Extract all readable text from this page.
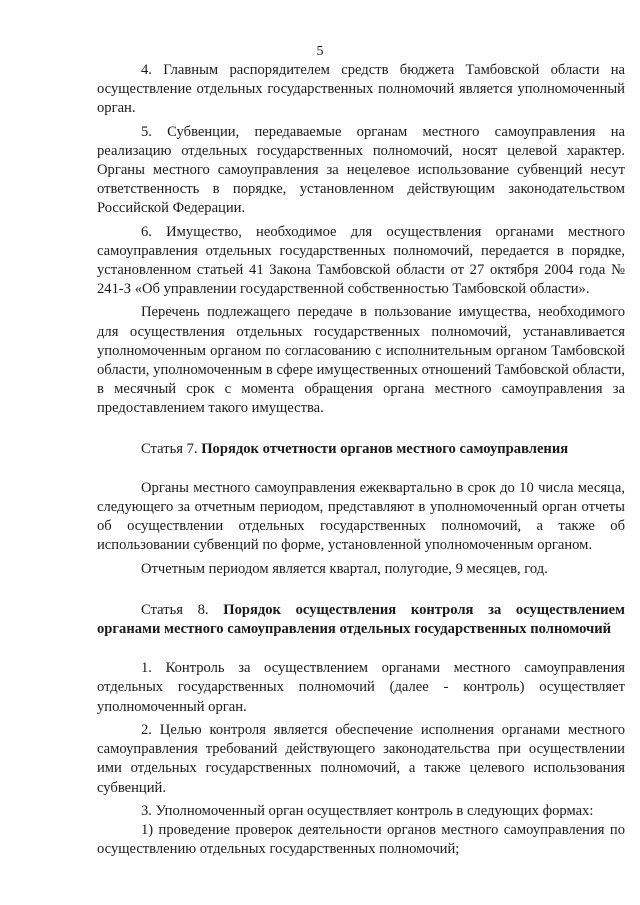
5

4. Главным распорядителем средств бюджета Тамбовской области на осуществление отдельных государственных полномочий является уполномоченный орган.

5. Субвенции, передаваемые органам местного самоуправления на реализацию отдельных государственных полномочий, носят целевой характер. Органы местного самоуправления за нецелевое использование субвенций несут ответственность в порядке, установленном действующим законодательством Российской Федерации.

6. Имущество, необходимое для осуществления органами местного самоуправления отдельных государственных полномочий, передается в порядке, установленном статьей 41 Закона Тамбовской области от 27 октября 2004 года № 241-З «Об управлении государственной собственностью Тамбовской области».

Перечень подлежащего передаче в пользование имущества, необходимого для осуществления отдельных государственных полномочий, устанавливается уполномоченным органом по согласованию с исполнительным органом Тамбовской области, уполномоченным в сфере имущественных отношений Тамбовской области, в месячный срок с момента обращения органа местного самоуправления за предоставлением такого имущества.

Статья 7. Порядок отчетности органов местного самоуправления

Органы местного самоуправления ежеквартально в срок до 10 числа месяца, следующего за отчетным периодом, представляют в уполномоченный орган отчеты об осуществлении отдельных государственных полномочий, а также об использовании субвенций по форме, установленной уполномоченным органом.

Отчетным периодом является квартал, полугодие, 9 месяцев, год.

Статья 8. Порядок осуществления контроля за осуществлением органами местного самоуправления отдельных государственных полномочий

1. Контроль за осуществлением органами местного самоуправления отдельных государственных полномочий (далее - контроль) осуществляет уполномоченный орган.

2. Целью контроля является обеспечение исполнения органами местного самоуправления требований действующего законодательства при осуществлении ими отдельных государственных полномочий, а также целевого использования субвенций.

3. Уполномоченный орган осуществляет контроль в следующих формах:

1) проведение проверок деятельности органов местного самоуправления по осуществлению отдельных государственных полномочий;
